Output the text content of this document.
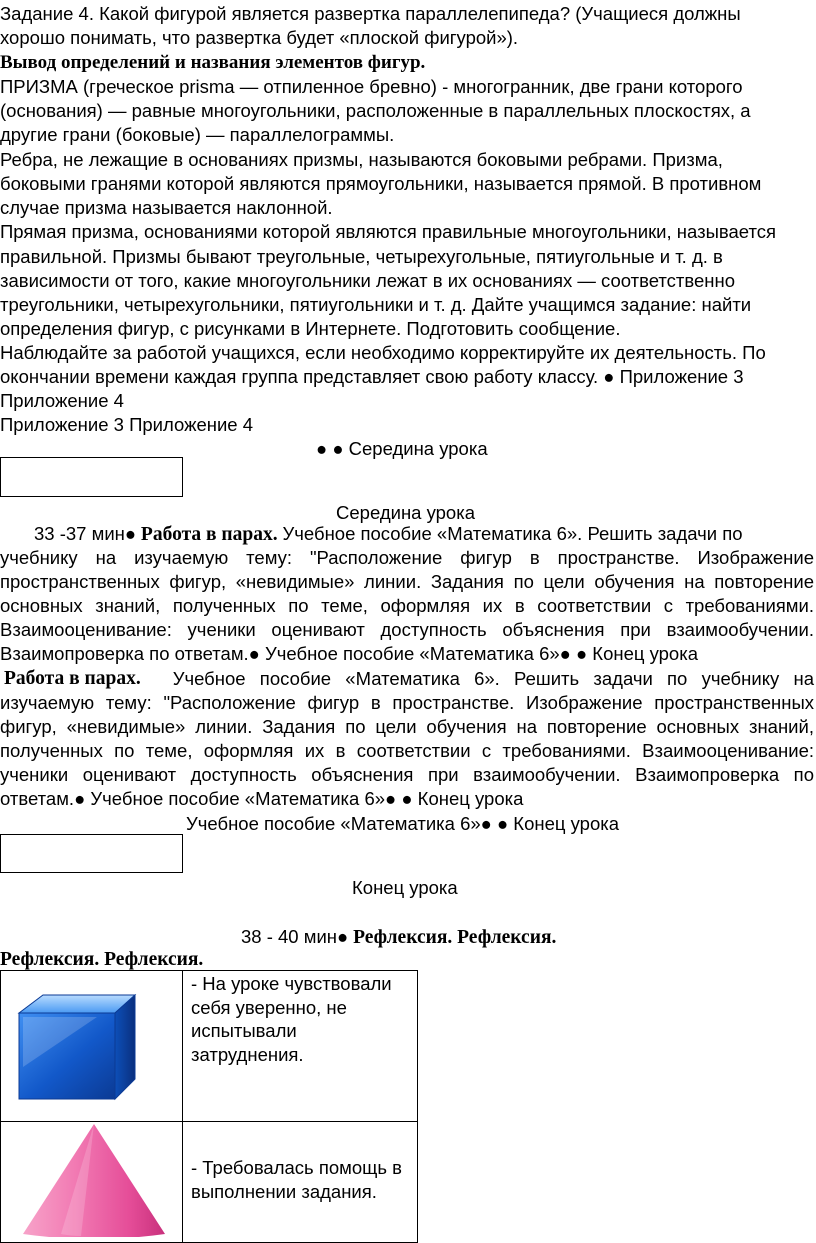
Задание 4. Какой фигурой является развертка параллелепипеда? (Учащиеся должны
хорошо понимать, что развертка будет «плоской фигурой»).
Вывод определений и названия элементов фигур.
ПРИЗМА (греческое prisma — отпиленное бревно) - многогранник, две грани которого
(основания) — равные многоугольники, расположенные в параллельных плоскостях, а
другие грани (боковые) — параллелограммы.
Ребра, не лежащие в основаниях призмы, называются боковыми ребрами. Призма,
боковыми гранями которой являются прямоугольники, называется прямой. В противном
случае призма называется наклонной.
Прямая призма, основаниями которой являются правильные многоугольники, называется
правильной. Призмы бывают треугольные, четырехугольные, пятиугольные и т. д. в
зависимости от того, какие многоугольники лежат в их основаниях — соответственно
треугольники, четырехугольники, пятиугольники и т. д. Дайте учащимся задание: найти
определения фигур, с рисунками в Интернете. Подготовить сообщение.
Наблюдайте за работой учащихся, если необходимо корректируйте их деятельность. По
окончании времени каждая группа представляет свою работу классу. ● Приложение 3
Приложение 4
Приложение 3 Приложение 4
● ● Середина урока
Середина урока
33 -37 мин● Работа в парах. Учебное пособие «Математика 6». Решить задачи по
учебнику на изучаемую тему: "Расположение фигур в пространстве. Изображение
пространственных фигур, «невидимые» линии. Задания по цели обучения на повторение
основных знаний, полученных по теме, оформляя их в соответствии с требованиями.
Взаимооценивание: ученики оценивают доступность объяснения при взаимообучении.
Взаимопроверка по ответам.● Учебное пособие «Математика 6»● ● Конец урока
Работа в парах. Учебное пособие «Математика 6». Решить задачи по учебнику на
изучаемую тему: "Расположение фигур в пространстве. Изображение пространственных
фигур, «невидимые» линии. Задания по цели обучения на повторение основных знаний,
полученных по теме, оформляя их в соответствии с требованиями. Взаимооценивание:
ученики оценивают доступность объяснения при взаимообучении. Взаимопроверка по
ответам.● Учебное пособие «Математика 6»● ● Конец урока
Учебное пособие «Математика 6»● ● Конец урока
Конец урока
38 - 40 мин● Рефлексия. Рефлексия.
Рефлексия. Рефлексия.

- На уроке чувствовали
себя уверенно, не
испытывали
затруднения.

- Требовалась помощь в
выполнении задания.
